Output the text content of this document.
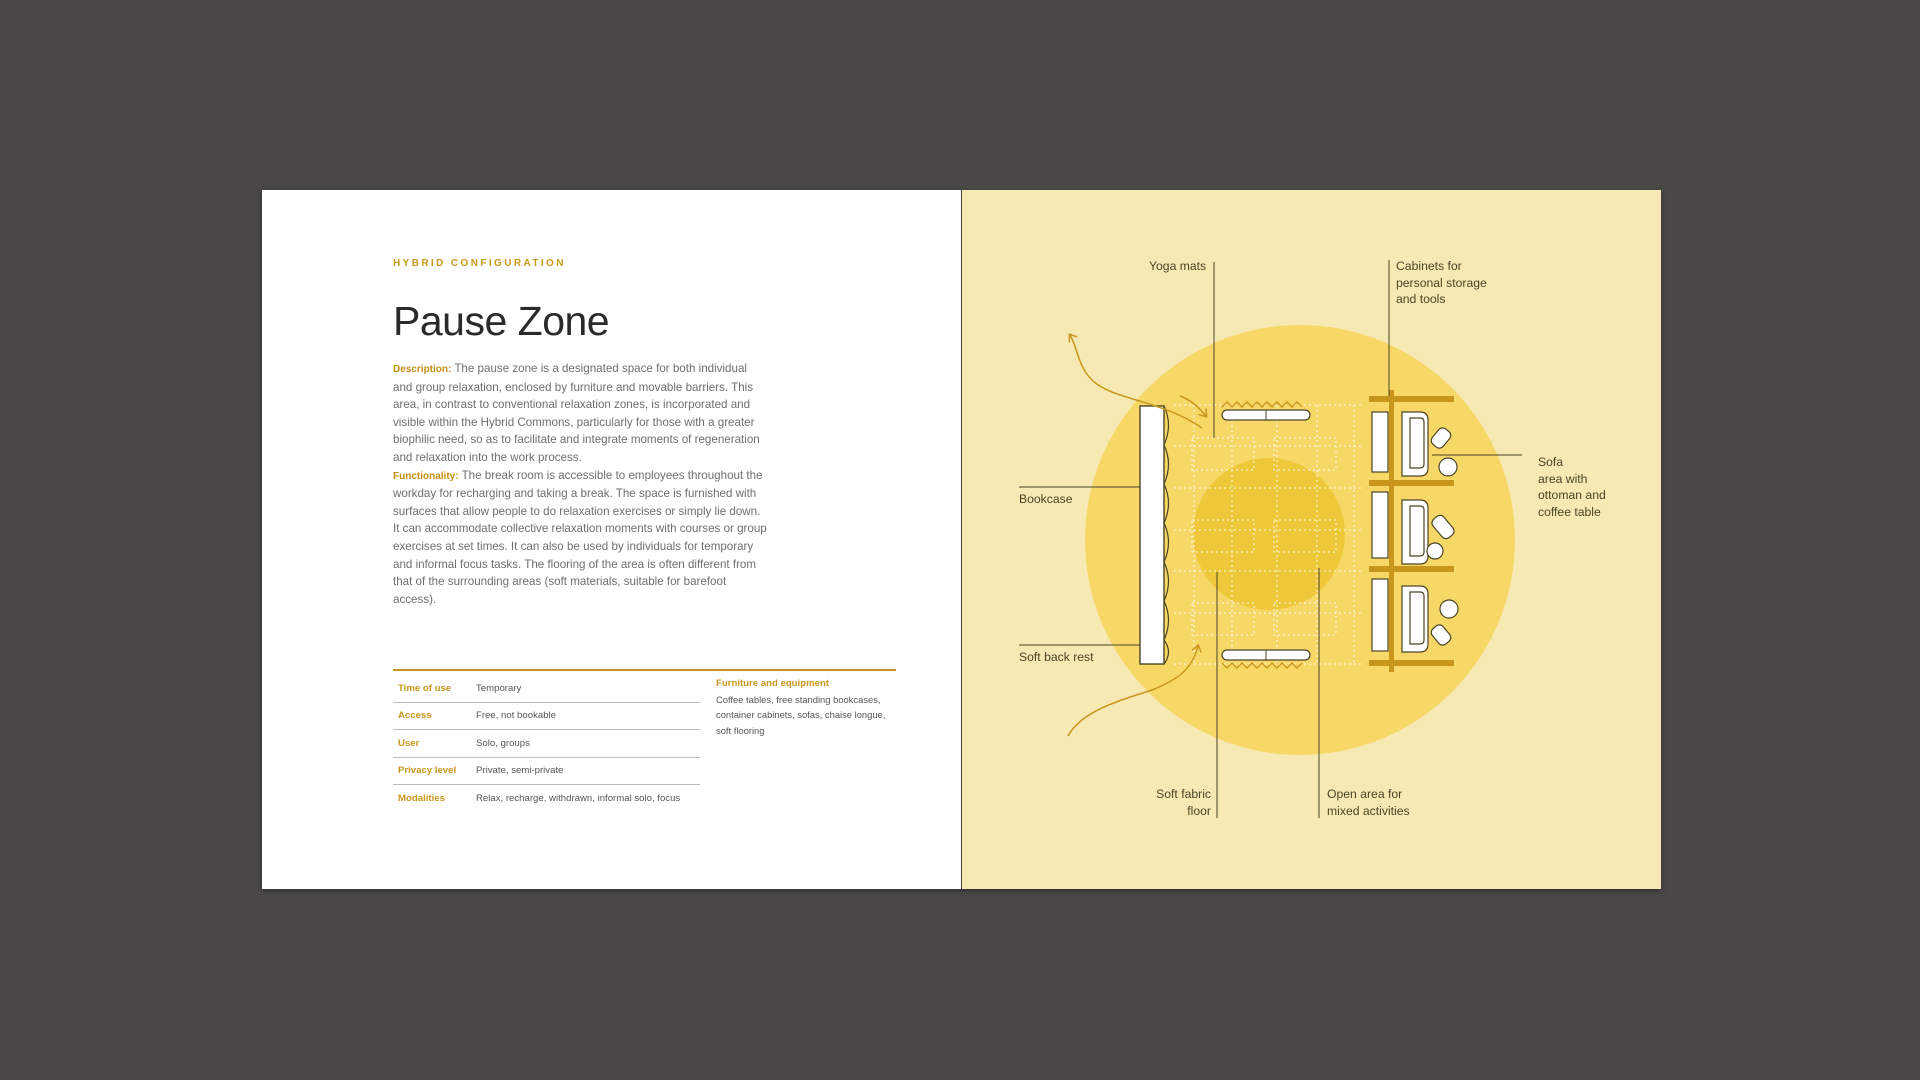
HYBRID CONFIGURATION
Pause Zone

Description: The pause zone is a designated space for both individual and group relaxation, enclosed by furniture and movable barriers. This area, in contrast to conventional relaxation zones, is incorporated and visible within the Hybrid Commons, particularly for those with a greater biophilic need, so as to facilitate and integrate moments of regeneration and relaxation into the work process.
Functionality: The break room is accessible to employees throughout the workday for recharging and taking a break. The space is furnished with surfaces that allow people to do relaxation exercises or simply lie down. It can accommodate collective relaxation moments with courses or group exercises at set times. It can also be used by individuals for temporary and informal focus tasks. The flooring of the area is often different from that of the surrounding areas (soft materials, suitable for barefoot access).

Time of use	Temporary
Access	Free, not bookable
User	Solo, groups
Privacy level	Private, semi-private
Modalities	Relax, recharge, withdrawn, informal solo, focus
Furniture and equipment
Coffee tables, free standing bookcases, container cabinets, sofas, chaise longue, soft flooring
Yoga mats	Cabinets for
personal storage
and tools
Sofa
area with
ottoman and
coffee table
Bookcase
Soft back rest
Soft fabric
floor
Open area for
mixed activities
